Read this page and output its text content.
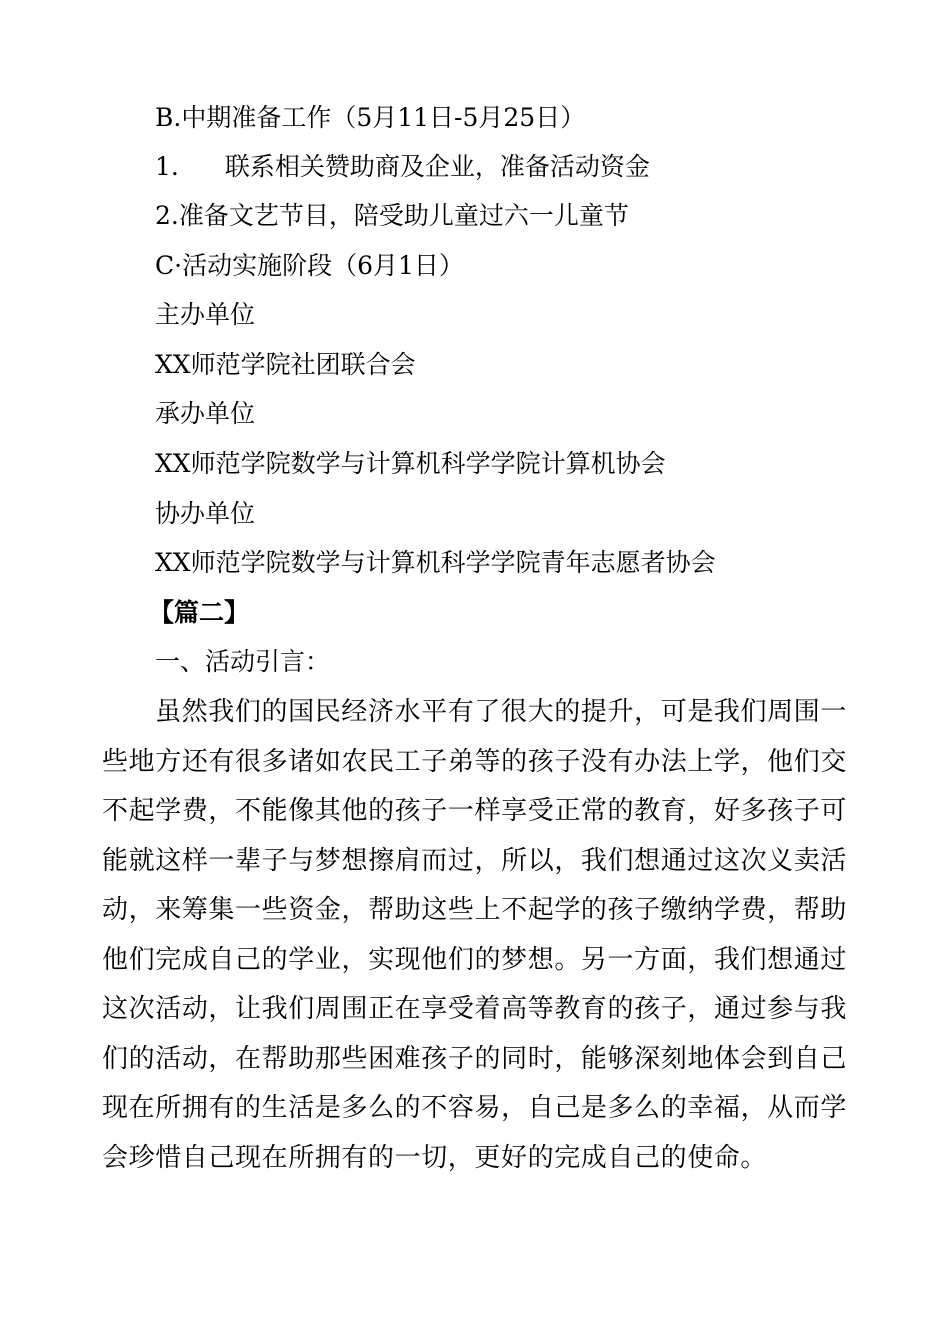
B.中期准备工作（5月11日-5月25日）
1. 联系相关赞助商及企业，准备活动资金
2.准备文艺节目，陪受助儿童过六一儿童节
C·活动实施阶段（6月1日）
主办单位
XX师范学院社团联合会
承办单位
XX师范学院数学与计算机科学学院计算机协会
协办单位
XX师范学院数学与计算机科学学院青年志愿者协会
【篇二】
一、活动引言：
虽然我们的国民经济水平有了很大的提升，可是我们周围一些地方还有很多诸如农民工子弟等的孩子没有办法上学，他们交不起学费，不能像其他的孩子一样享受正常的教育，好多孩子可能就这样一辈子与梦想擦肩而过，所以，我们想通过这次义卖活动，来筹集一些资金，帮助这些上不起学的孩子缴纳学费，帮助他们完成自己的学业，实现他们的梦想。另一方面，我们想通过这次活动，让我们周围正在享受着高等教育的孩子，通过参与我们的活动，在帮助那些困难孩子的同时，能够深刻地体会到自己现在所拥有的生活是多么的不容易，自己是多么的幸福，从而学会珍惜自己现在所拥有的一切，更好的完成自己的使命。
